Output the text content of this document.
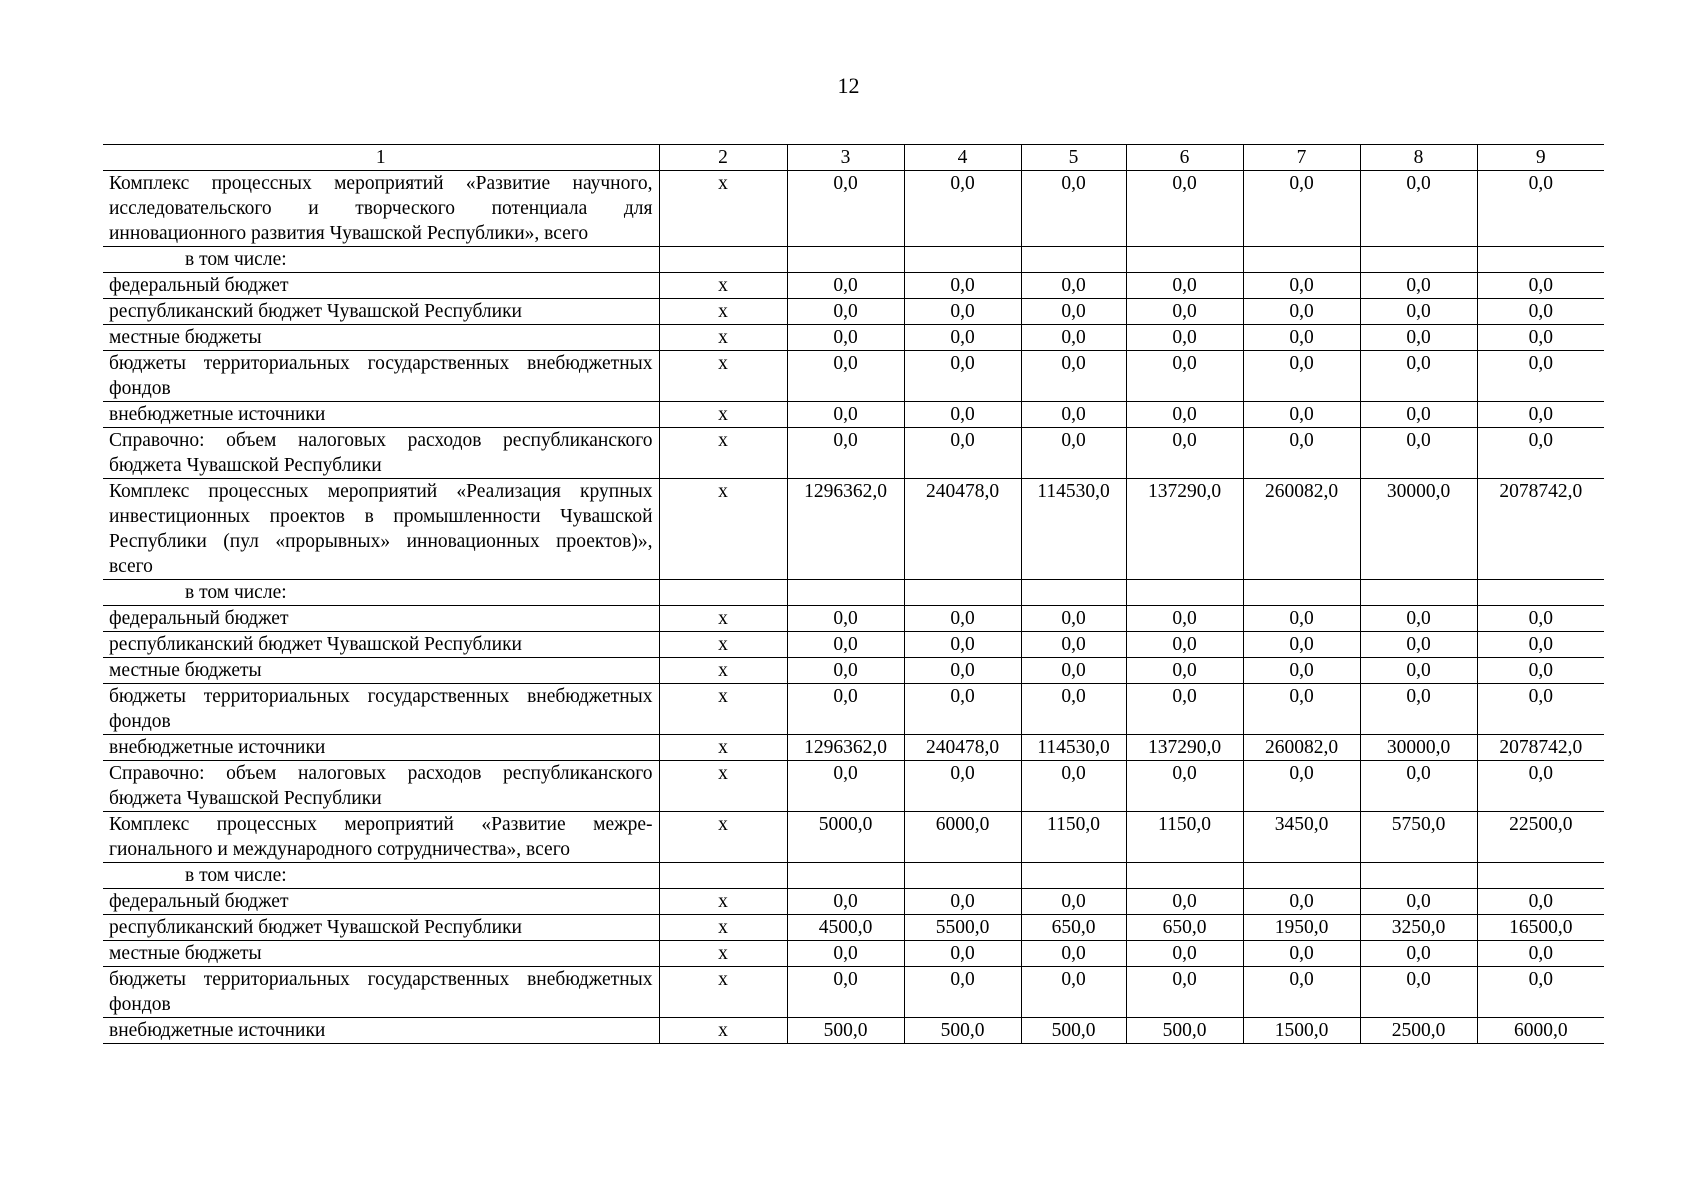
12
1	2	3	4	5	6	7	8	9
Комплекс процессных мероприятий «Развитие научного, исследовательского и творческого потенциала для инновационного развития Чувашской Республики», всего	х	0,0	0,0	0,0	0,0	0,0	0,0	0,0
в том числе:								
федеральный бюджет	х	0,0	0,0	0,0	0,0	0,0	0,0	0,0
республиканский бюджет Чувашской Республики	х	0,0	0,0	0,0	0,0	0,0	0,0	0,0
местные бюджеты	х	0,0	0,0	0,0	0,0	0,0	0,0	0,0
бюджеты территориальных государственных внебюджетных фондов	х	0,0	0,0	0,0	0,0	0,0	0,0	0,0
внебюджетные источники	х	0,0	0,0	0,0	0,0	0,0	0,0	0,0
Справочно: объем налоговых расходов республиканского бюджета Чувашской Республики	х	0,0	0,0	0,0	0,0	0,0	0,0	0,0
Комплекс процессных мероприятий «Реализация крупных инвестиционных проектов в промышленности Чувашской Республики (пул «прорывных» инновационных проектов)», всего	х	1296362,0	240478,0	114530,0	137290,0	260082,0	30000,0	2078742,0
в том числе:								
федеральный бюджет	х	0,0	0,0	0,0	0,0	0,0	0,0	0,0
республиканский бюджет Чувашской Республики	х	0,0	0,0	0,0	0,0	0,0	0,0	0,0
местные бюджеты	х	0,0	0,0	0,0	0,0	0,0	0,0	0,0
бюджеты территориальных государственных внебюджетных фондов	х	0,0	0,0	0,0	0,0	0,0	0,0	0,0
внебюджетные источники	х	1296362,0	240478,0	114530,0	137290,0	260082,0	30000,0	2078742,0
Справочно: объем налоговых расходов республиканского бюджета Чувашской Республики	х	0,0	0,0	0,0	0,0	0,0	0,0	0,0
Комплекс процессных мероприятий «Развитие межрегионального и международного сотрудничества», всего	х	5000,0	6000,0	1150,0	1150,0	3450,0	5750,0	22500,0
в том числе:								
федеральный бюджет	х	0,0	0,0	0,0	0,0	0,0	0,0	0,0
республиканский бюджет Чувашской Республики	х	4500,0	5500,0	650,0	650,0	1950,0	3250,0	16500,0
местные бюджеты	х	0,0	0,0	0,0	0,0	0,0	0,0	0,0
бюджеты территориальных государственных внебюджетных фондов	х	0,0	0,0	0,0	0,0	0,0	0,0	0,0
внебюджетные источники	х	500,0	500,0	500,0	500,0	1500,0	2500,0	6000,0
